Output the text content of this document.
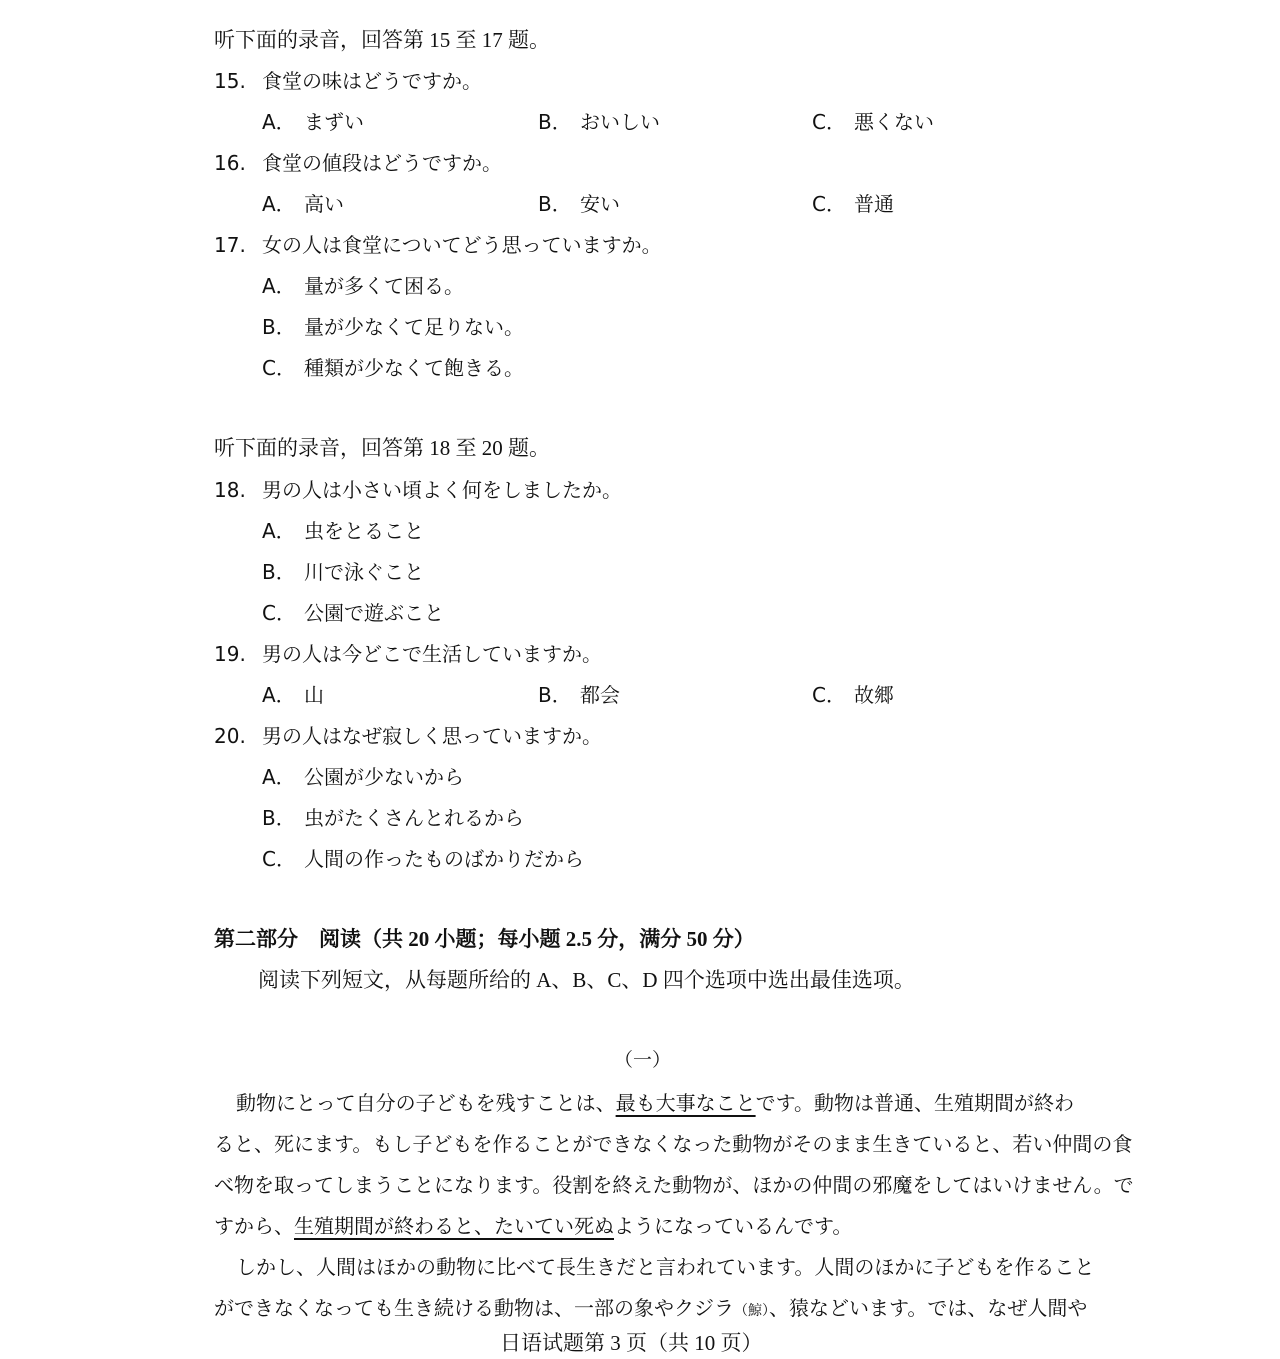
听下面的录音，回答第 15 至 17 题。
15. 食堂の味はどうですか。
A． まずい	B． おいしい	C． 悪くない
16. 食堂の値段はどうですか。
A． 高い	B． 安い	C． 普通
17. 女の人は食堂についてどう思っていますか。
A． 量が多くて困る。
B． 量が少なくて足りない。
C． 種類が少なくて飽きる。
听下面的录音，回答第 18 至 20 题。
18. 男の人は小さい頃よく何をしましたか。
A． 虫をとること
B． 川で泳ぐこと
C． 公園で遊ぶこと
19. 男の人は今どこで生活していますか。
A． 山	B． 都会	C． 故郷
20. 男の人はなぜ寂しく思っていますか。
A． 公園が少ないから
B． 虫がたくさんとれるから
C． 人間の作ったものばかりだから
第二部分　阅读（共 20 小题；每小题 2.5 分，满分 50 分）
阅读下列短文，从每题所给的 A、B、C、D 四个选项中选出最佳选项。
（一）
動物にとって自分の子どもを残すことは、最も大事なことです。動物は普通、生殖期間が終わ
ると、死にます。もし子どもを作ることができなくなった動物がそのまま生きていると、若い仲間の食
べ物を取ってしまうことになります。役割を終えた動物が、ほかの仲間の邪魔をしてはいけません。で
すから、生殖期間が終わると、たいてい死ぬようになっているんです。
しかし、人間はほかの動物に比べて長生きだと言われています。人間のほかに子どもを作ること
ができなくなっても生き続ける動物は、一部の象やクジラ（鯨）、猿などいます。では、なぜ人間や
日语试题第 3 页（共 10 页）
